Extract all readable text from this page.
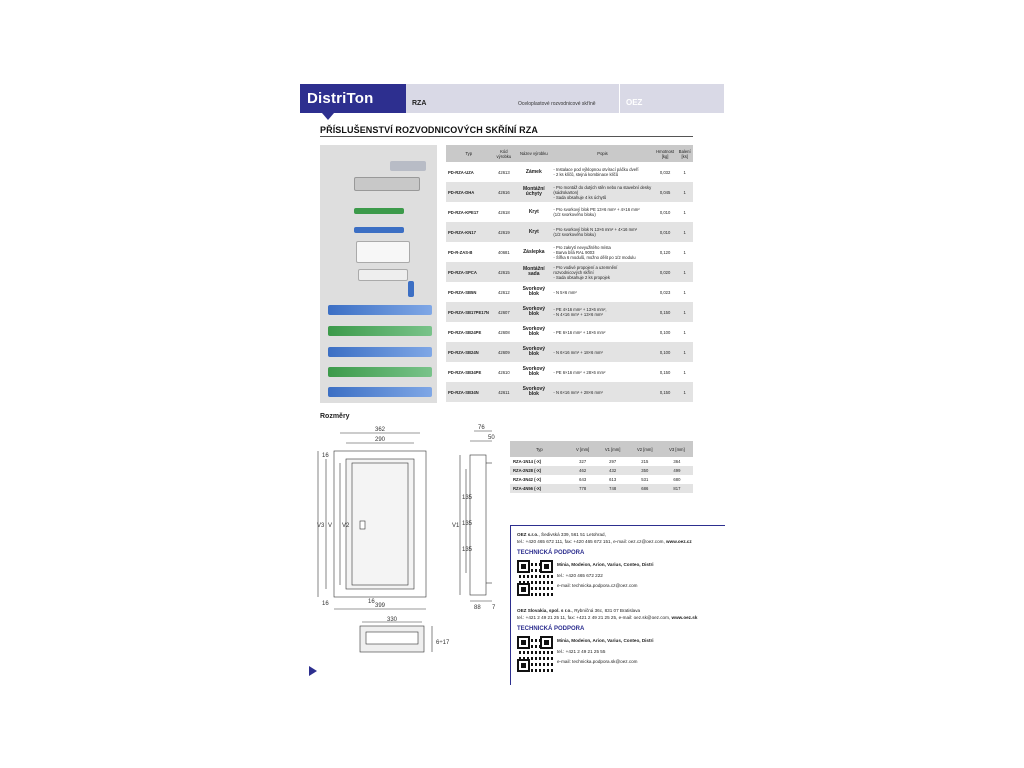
DistriTon	RZA	Oceloplastové rozvodnicové skříně	OEZ
PŘÍSLUŠENSTVÍ ROZVODNICOVÝCH SKŘÍNÍ RZA
Typ	Kód výrobku	Název výrobku	Popis	Hmotnost [kg]	Balení [ks]
PD-RZA-UZA	42613	Zámek	- Instalace pod výklopnou otvírací páčku dveří
- 2 ks klíčů, stejná kombinace klíčů	0,032	1
PD-RZA-DHA	42616	Montážní úchyty	- Pro montáž do dutých stěn nebo na stavební desky (sádrokarton)
- Sada obsahuje 4 ks úchytů	0,045	1
PD-RZA-KPE17	42618	Kryt	- Pro svorkový blok PE 13×6 mm² + 4×16 mm²
(1/2 svorkového bloku)	0,010	1
PD-RZA-KN17	42619	Kryt	- Pro svorkový blok N 13×6 mm² + 4×16 mm²
(1/2 svorkového bloku)	0,010	1
PD-R-ZAS-B	40681	Záslepka	- Pro zakrytí nevyužitého místa
- Barva bílá RAL 9003
- Šířka 6 modulů, možno dělit po 1/2 modulu	0,120	1
PD-RZA-SPCA	42615	Montážní sada	- Pro vodivé propojení a uzemnění
rozvodnicových skříní
- Sada obsahuje 2 ks propojek	0,020	1
PD-RZA-SB5N	42612	Svorkový blok	- N 5×6 mm²	0,023	1
PD-RZA-SB17PE17N	42607	Svorkový blok	- PE 4×16 mm² + 13×6 mm²,
- N 4×16 mm² + 13×6 mm²	0,150	1
PD-RZA-SB24PE	42608	Svorkový blok	- PE 6×16 mm² + 18×6 mm²	0,100	1
PD-RZA-SB24N	42609	Svorkový blok	- N 6×16 mm² + 18×6 mm²	0,100	1
PD-RZA-SB34PE	42610	Svorkový blok	- PE 6×16 mm² + 28×6 mm²	0,150	1
PD-RZA-SB34N	42611	Svorkový blok	- N 6×16 mm² + 28×6 mm²	0,150	1
Rozměry
362
290
16
V3 V V2
16	16
399
76
50
V1
135
135
135
88 7
330
6÷17
Typ	V [mm]	V1 [mm]	V2 [mm]	V3 [mm]
RZA-1N14 (-X)	327	297	215	364
RZA-2N28 (-X)	462	432	350	499
RZA-3N42 (-X)	643	613	531	680
RZA-4N56 (-X)	778	748	686	817
OEZ s.r.o., Šedivská 339, 561 51 Letohrad,
tel.: +420 465 672 111, fax: +420 465 672 151, e-mail: oez.cz@oez.com, www.oez.cz
TECHNICKÁ PODPORA
Minia, Modeion, Arion, Varius, Conteo, Distri
tel.: +420 465 672 222
e-mail: technicka.podpora.cz@oez.com
OEZ Slovakia, spol. s r.o., Rybničná 36c, 831 07 Bratislava
tel.: +421 2 49 21 25 11, fax: +421 2 49 21 25 25, e-mail: oez.sk@oez.com, www.oez.sk
TECHNICKÁ PODPORA
Minia, Modeion, Arion, Varius, Conteo, Distri
tel.: +421 2 49 21 25 55
e-mail: technicka.podpora.sk@oez.com
